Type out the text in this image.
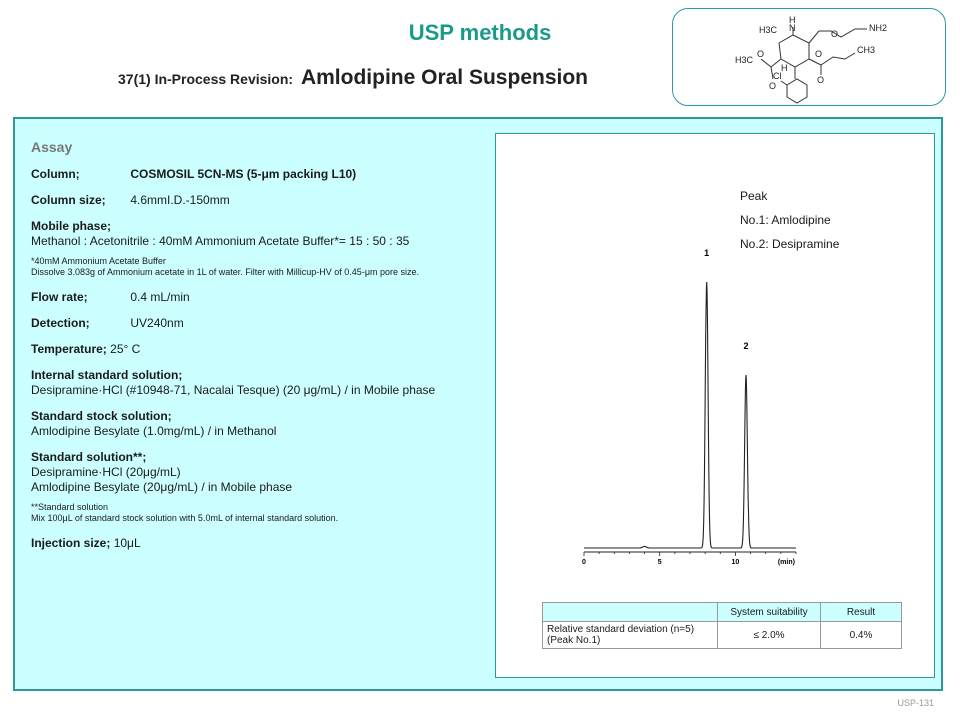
USP methods
37(1) In-Process Revision: Amlodipine Oral Suspension
H
N
H3C	O
NH2
O
H3C
O
CH3
H
O
O
Cl
Assay
Column;	COSMOSIL 5CN-MS (5-μm packing L10)
Column size; 4.6mmI.D.-150mm
Mobile phase;
Methanol : Acetonitrile : 40mM Ammonium Acetate Buffer*= 15 : 50 : 35
*40mM Ammonium Acetate Buffer
Dissolve 3.083g of Ammonium acetate in 1L of water. Filter with Millicup-HV of 0.45-μm pore size.
Flow rate;	0.4 mL/min
Detection;	UV240nm
Temperature; 25° C
Internal standard solution;
Desipramine·HCl (#10948-71, Nacalai Tesque) (20 μg/mL) / in Mobile phase
Standard stock solution;
Amlodipine Besylate (1.0mg/mL) / in Methanol
Standard solution**;
Desipramine·HCl (20μg/mL)
Amlodipine Besylate (20μg/mL) / in Mobile phase
**Standard solution
Mix 100μL of standard stock solution with 5.0mL of internal standard solution.
Injection size; 10μL
Peak
No.1: Amlodipine
No.2: Desipramine
0	5	10	(min)
1
2
	System suitability	Result
Relative standard deviation (n=5) (Peak No.1)	≤ 2.0%	0.4%
USP-131
